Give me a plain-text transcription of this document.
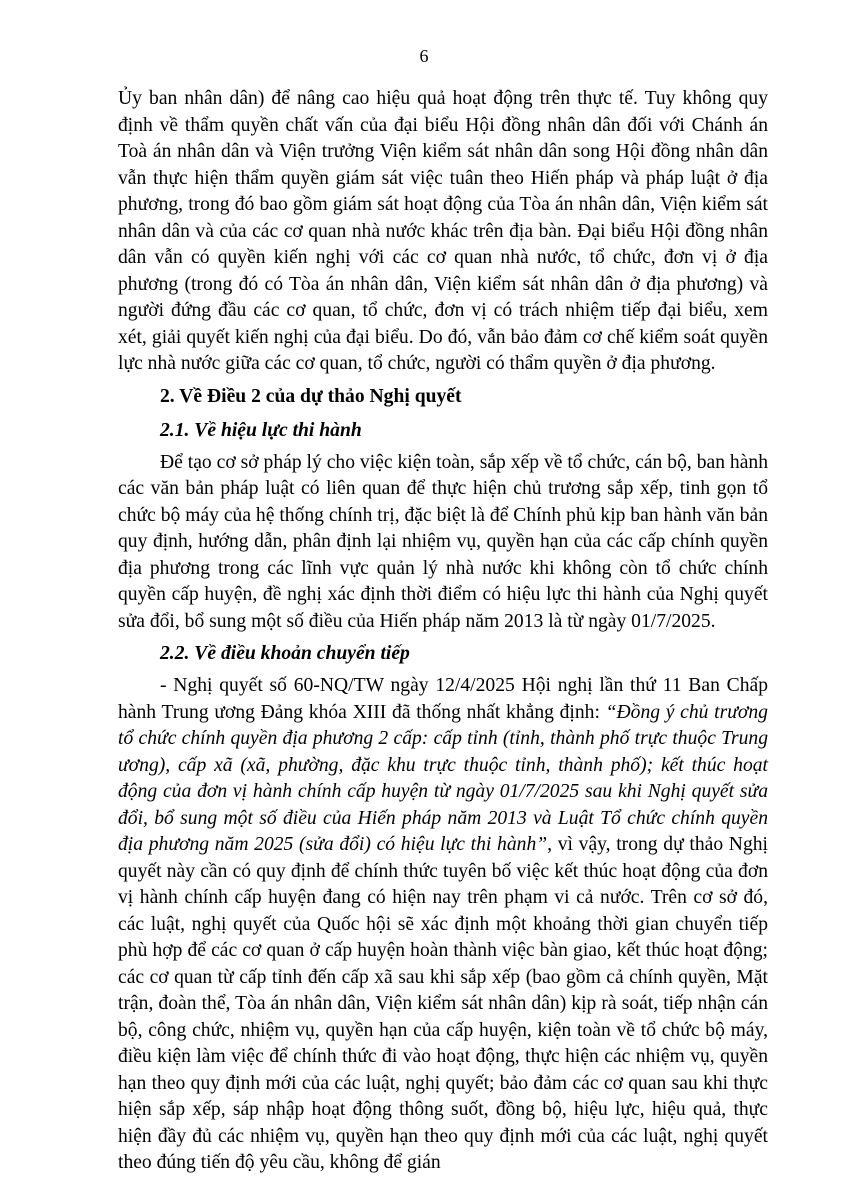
6

Ủy ban nhân dân) để nâng cao hiệu quả hoạt động trên thực tế. Tuy không quy định về thẩm quyền chất vấn của đại biểu Hội đồng nhân dân đối với Chánh án Toà án nhân dân và Viện trưởng Viện kiểm sát nhân dân song Hội đồng nhân dân vẫn thực hiện thẩm quyền giám sát việc tuân theo Hiến pháp và pháp luật ở địa phương, trong đó bao gồm giám sát hoạt động của Tòa án nhân dân, Viện kiểm sát nhân dân và của các cơ quan nhà nước khác trên địa bàn. Đại biểu Hội đồng nhân dân vẫn có quyền kiến nghị với các cơ quan nhà nước, tổ chức, đơn vị ở địa phương (trong đó có Tòa án nhân dân, Viện kiểm sát nhân dân ở địa phương) và người đứng đầu các cơ quan, tổ chức, đơn vị có trách nhiệm tiếp đại biểu, xem xét, giải quyết kiến nghị của đại biểu. Do đó, vẫn bảo đảm cơ chế kiểm soát quyền lực nhà nước giữa các cơ quan, tổ chức, người có thẩm quyền ở địa phương.

2. Về Điều 2 của dự thảo Nghị quyết
2.1. Về hiệu lực thi hành

Để tạo cơ sở pháp lý cho việc kiện toàn, sắp xếp về tổ chức, cán bộ, ban hành các văn bản pháp luật có liên quan để thực hiện chủ trương sắp xếp, tinh gọn tổ chức bộ máy của hệ thống chính trị, đặc biệt là để Chính phủ kịp ban hành văn bản quy định, hướng dẫn, phân định lại nhiệm vụ, quyền hạn của các cấp chính quyền địa phương trong các lĩnh vực quản lý nhà nước khi không còn tổ chức chính quyền cấp huyện, đề nghị xác định thời điểm có hiệu lực thi hành của Nghị quyết sửa đổi, bổ sung một số điều của Hiến pháp năm 2013 là từ ngày 01/7/2025.

2.2. Về điều khoản chuyển tiếp

- Nghị quyết số 60-NQ/TW ngày 12/4/2025 Hội nghị lần thứ 11 Ban Chấp hành Trung ương Đảng khóa XIII đã thống nhất khẳng định: “Đồng ý chủ trương tổ chức chính quyền địa phương 2 cấp: cấp tỉnh (tỉnh, thành phố trực thuộc Trung ương), cấp xã (xã, phường, đặc khu trực thuộc tỉnh, thành phố); kết thúc hoạt động của đơn vị hành chính cấp huyện từ ngày 01/7/2025 sau khi Nghị quyết sửa đổi, bổ sung một số điều của Hiến pháp năm 2013 và Luật Tổ chức chính quyền địa phương năm 2025 (sửa đổi) có hiệu lực thi hành”, vì vậy, trong dự thảo Nghị quyết này cần có quy định để chính thức tuyên bố việc kết thúc hoạt động của đơn vị hành chính cấp huyện đang có hiện nay trên phạm vi cả nước. Trên cơ sở đó, các luật, nghị quyết của Quốc hội sẽ xác định một khoảng thời gian chuyển tiếp phù hợp để các cơ quan ở cấp huyện hoàn thành việc bàn giao, kết thúc hoạt động; các cơ quan từ cấp tỉnh đến cấp xã sau khi sắp xếp (bao gồm cả chính quyền, Mặt trận, đoàn thể, Tòa án nhân dân, Viện kiểm sát nhân dân) kịp rà soát, tiếp nhận cán bộ, công chức, nhiệm vụ, quyền hạn của cấp huyện, kiện toàn về tổ chức bộ máy, điều kiện làm việc để chính thức đi vào hoạt động, thực hiện các nhiệm vụ, quyền hạn theo quy định mới của các luật, nghị quyết; bảo đảm các cơ quan sau khi thực hiện sắp xếp, sáp nhập hoạt động thông suốt, đồng bộ, hiệu lực, hiệu quả, thực hiện đầy đủ các nhiệm vụ, quyền hạn theo quy định mới của các luật, nghị quyết theo đúng tiến độ yêu cầu, không để gián
